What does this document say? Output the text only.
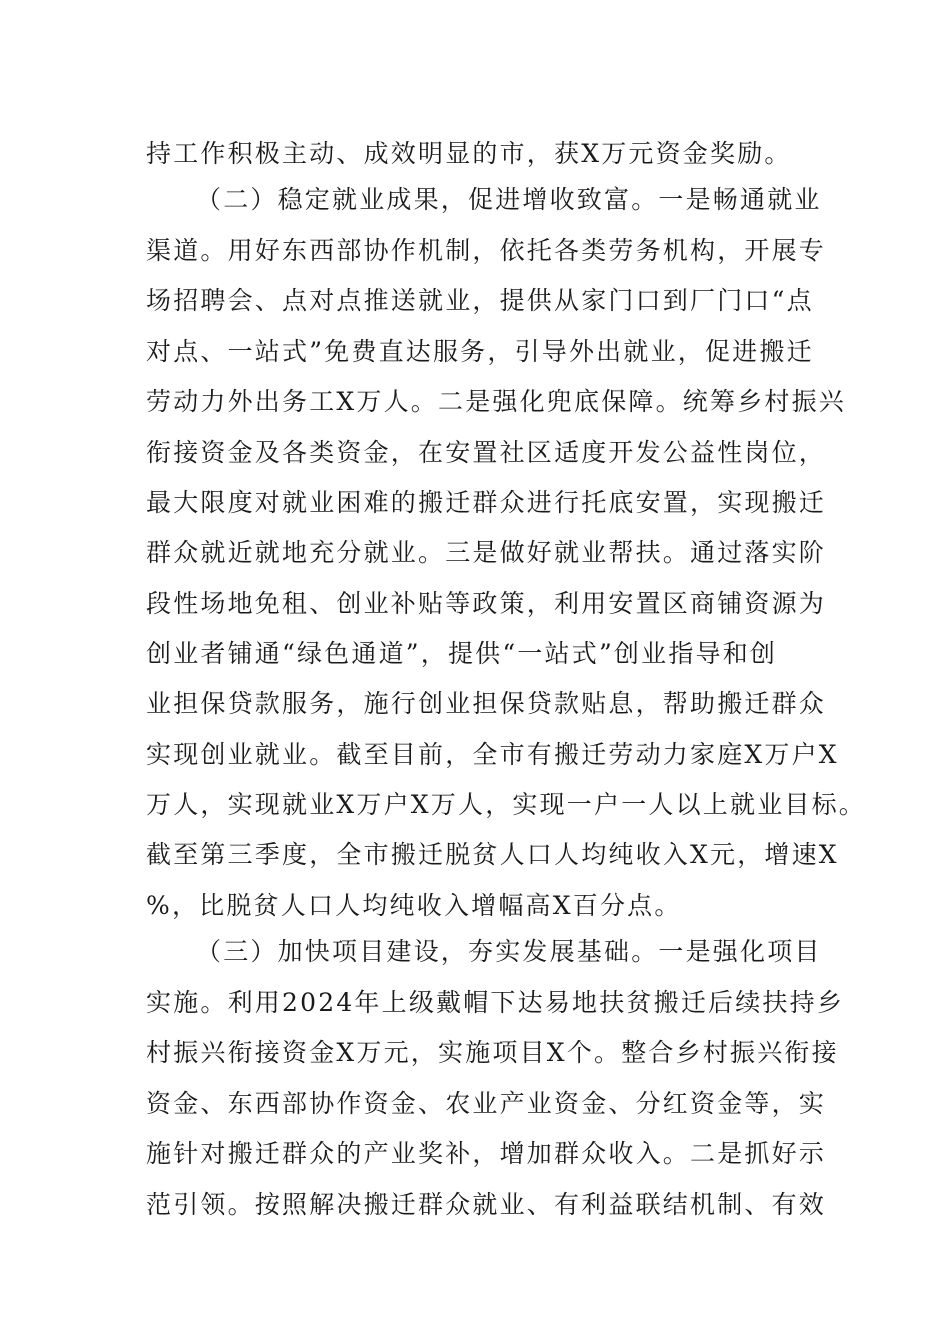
持工作积极主动、成效明显的市，获X万元资金奖励。
（二）稳定就业成果，促进增收致富。一是畅通就业
渠道。用好东西部协作机制，依托各类劳务机构，开展专
场招聘会、点对点推送就业，提供从家门口到厂门口“点
对点、一站式”免费直达服务，引导外出就业，促进搬迁
劳动力外出务工X万人。二是强化兜底保障。统筹乡村振兴
衔接资金及各类资金，在安置社区适度开发公益性岗位，
最大限度对就业困难的搬迁群众进行托底安置，实现搬迁
群众就近就地充分就业。三是做好就业帮扶。通过落实阶
段性场地免租、创业补贴等政策，利用安置区商铺资源为
创业者铺通“绿色通道”，提供“一站式”创业指导和创
业担保贷款服务，施行创业担保贷款贴息，帮助搬迁群众
实现创业就业。截至目前，全市有搬迁劳动力家庭X万户X
万人，实现就业X万户X万人，实现一户一人以上就业目标。
截至第三季度，全市搬迁脱贫人口人均纯收入X元，增速X
%，比脱贫人口人均纯收入增幅高X百分点。
（三）加快项目建设，夯实发展基础。一是强化项目
实施。利用2024年上级戴帽下达易地扶贫搬迁后续扶持乡
村振兴衔接资金X万元，实施项目X个。整合乡村振兴衔接
资金、东西部协作资金、农业产业资金、分红资金等，实
施针对搬迁群众的产业奖补，增加群众收入。二是抓好示
范引领。按照解决搬迁群众就业、有利益联结机制、有效
